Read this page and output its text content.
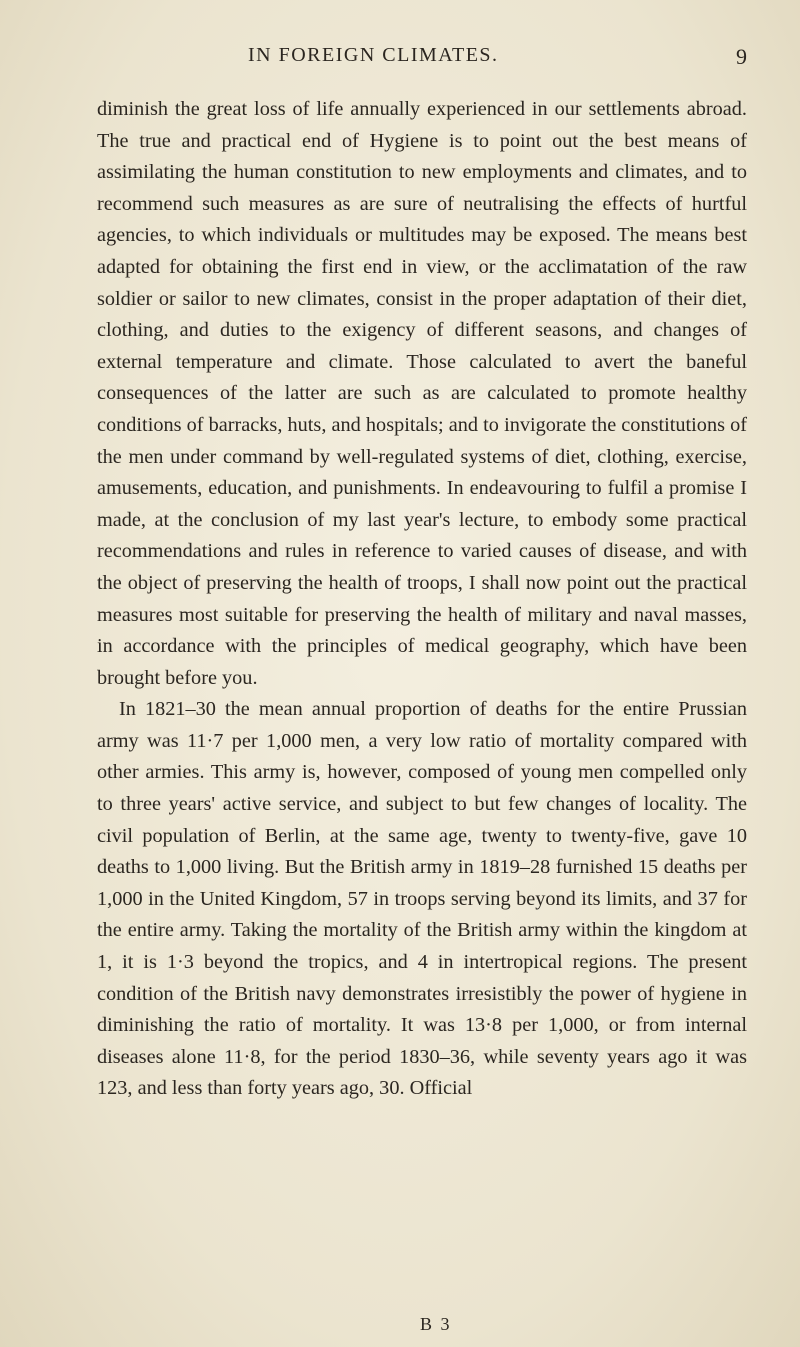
IN FOREIGN CLIMATES.	9

diminish the great loss of life annually experienced in our settlements abroad. The true and practical end of Hygiene is to point out the best means of assimilating the human constitution to new employments and climates, and to recommend such measures as are sure of neutralising the effects of hurtful agencies, to which individuals or multitudes may be exposed. The means best adapted for obtaining the first end in view, or the acclimatation of the raw soldier or sailor to new climates, consist in the proper adaptation of their diet, clothing, and duties to the exigency of different seasons, and changes of external temperature and climate. Those calculated to avert the baneful consequences of the latter are such as are calculated to promote healthy conditions of barracks, huts, and hospitals; and to invigorate the constitutions of the men under command by well-regulated systems of diet, clothing, exercise, amusements, education, and punishments. In endeavouring to fulfil a promise I made, at the conclusion of my last year's lecture, to embody some practical recommendations and rules in reference to varied causes of disease, and with the object of preserving the health of troops, I shall now point out the practical measures most suitable for preserving the health of military and naval masses, in accordance with the principles of medical geography, which have been brought before you.

In 1821–30 the mean annual proportion of deaths for the entire Prussian army was 11·7 per 1,000 men, a very low ratio of mortality compared with other armies. This army is, however, composed of young men compelled only to three years' active service, and subject to but few changes of locality. The civil population of Berlin, at the same age, twenty to twenty-five, gave 10 deaths to 1,000 living. But the British army in 1819–28 furnished 15 deaths per 1,000 in the United Kingdom, 57 in troops serving beyond its limits, and 37 for the entire army. Taking the mortality of the British army within the kingdom at 1, it is 1·3 beyond the tropics, and 4 in intertropical regions. The present condition of the British navy demonstrates irresistibly the power of hygiene in diminishing the ratio of mortality. It was 13·8 per 1,000, or from internal diseases alone 11·8, for the period 1830–36, while seventy years ago it was 123, and less than forty years ago, 30. Official

B 3
